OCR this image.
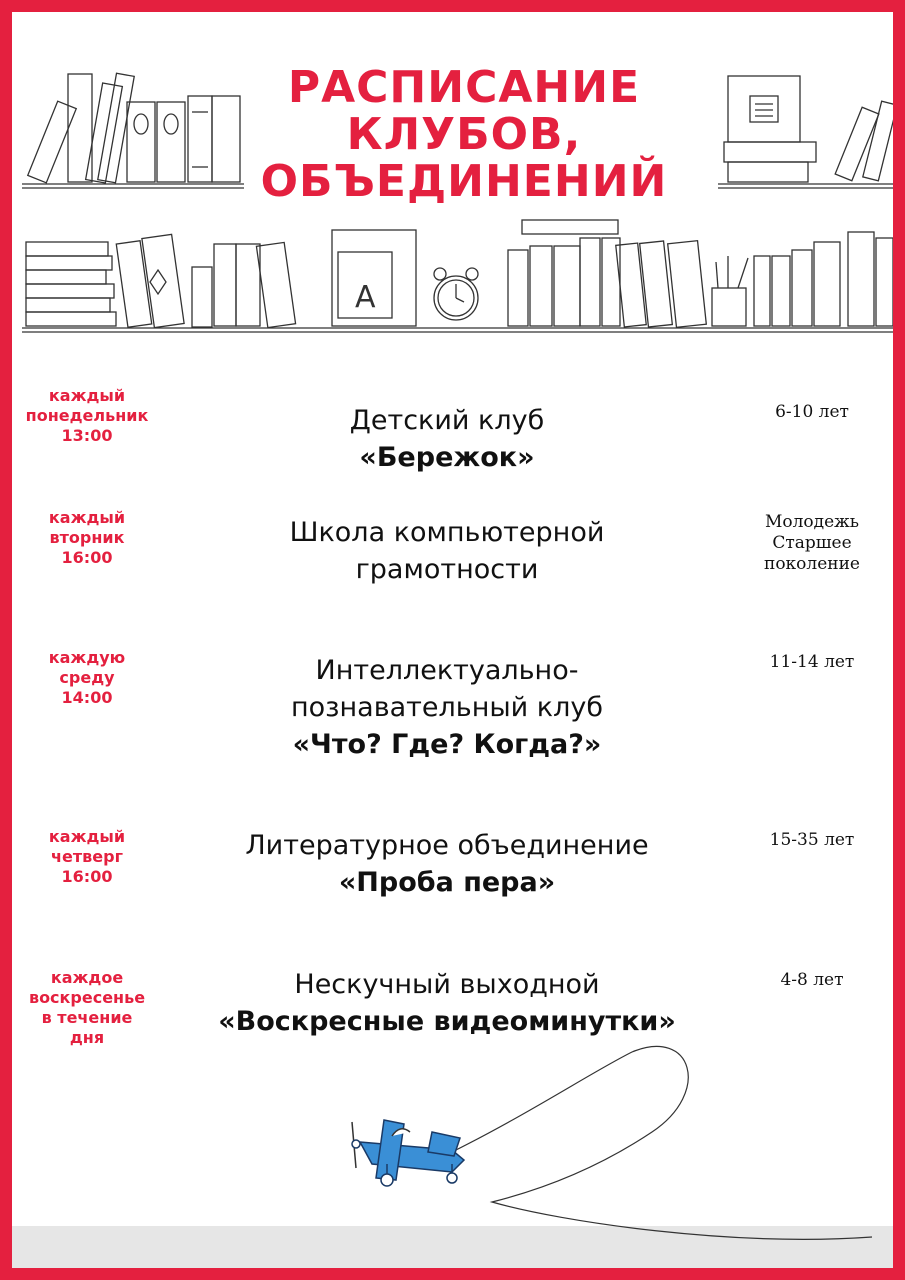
А
РАСПИСАНИЕ
КЛУБОВ,
ОБЪЕДИНЕНИЙ
каждый
понедельник
13:00	Детский клуб
«Бережок»
6-10 лет
каждый
вторник
16:00
Школа компьютерной
грамотности
Молодежь
Старшее
поколение
каждую
среду
14:00
Интеллектуально-
познавательный клуб
«Что? Где? Когда?»
11-14 лет
каждый
четверг
16:00
Литературное объединение
«Проба пера»
15-35 лет
каждое
воскресенье
в течение
дня
Нескучный выходной
«Воскресные видеоминутки»
4-8 лет
